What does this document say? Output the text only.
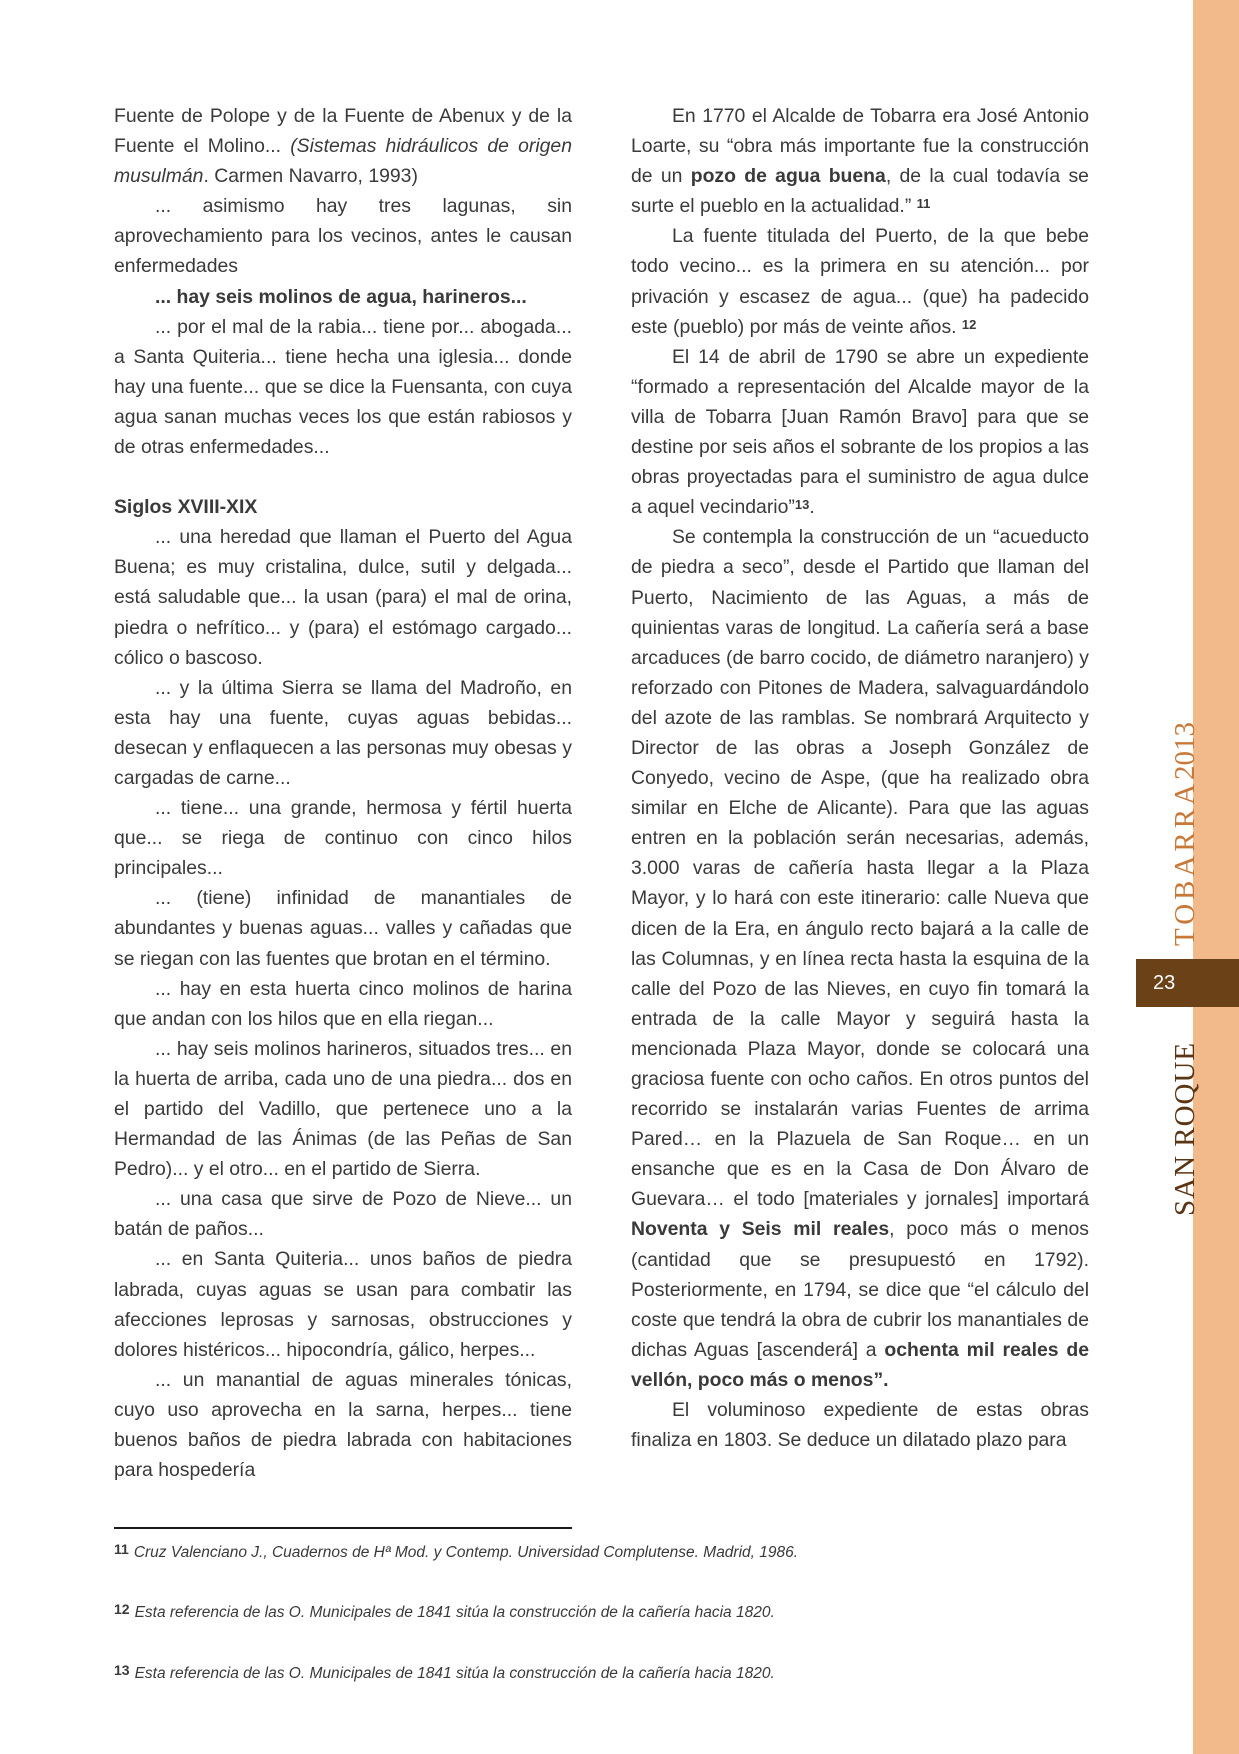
Fuente de Polope y de la Fuente de Abenux y de la Fuente el Molino... (Sistemas hidráulicos de origen musulmán. Carmen Navarro, 1993)

... asimismo hay tres lagunas, sin aprovechamiento para los vecinos, antes le causan enfermedades

... hay seis molinos de agua, harineros...

... por el mal de la rabia... tiene por... abogada... a Santa Quiteria... tiene hecha una iglesia... donde hay una fuente... que se dice la Fuensanta, con cuya agua sanan muchas veces los que están rabiosos y de otras enfermedades...

Siglos XVIII-XIX

... una heredad que llaman el Puerto del Agua Buena; es muy cristalina, dulce, sutil y delgada... está saludable que... la usan (para) el mal de orina, piedra o nefrítico... y (para) el estómago cargado... cólico o bascoso.

... y la última Sierra se llama del Madroño, en esta hay una fuente, cuyas aguas bebidas... desecan y enflaquecen a las personas muy obesas y cargadas de carne...

... tiene... una grande, hermosa y fértil huerta que... se riega de continuo con cinco hilos principales...

... (tiene) infinidad de manantiales de abundantes y buenas aguas... valles y cañadas que se riegan con las fuentes que brotan en el término.

... hay en esta huerta cinco molinos de harina que andan con los hilos que en ella riegan...

... hay seis molinos harineros, situados tres... en la huerta de arriba, cada uno de una piedra... dos en el partido del Vadillo, que pertenece uno a la Hermandad de las Ánimas (de las Peñas de San Pedro)... y el otro... en el partido de Sierra.

... una casa que sirve de Pozo de Nieve... un batán de paños...

... en Santa Quiteria... unos baños de piedra labrada, cuyas aguas se usan para combatir las afecciones leprosas y sarnosas, obstrucciones y dolores histéricos... hipocondría, gálico, herpes...

... un manantial de aguas minerales tónicas, cuyo uso aprovecha en la sarna, herpes... tiene buenos baños de piedra labrada con habitaciones para hospedería

En 1770 el Alcalde de Tobarra era José Antonio Loarte, su “obra más importante fue la construcción de un pozo de agua buena, de la cual todavía se surte el pueblo en la actualidad.” $^{11}$

La fuente titulada del Puerto, de la que bebe todo vecino... es la primera en su atención... por privación y escasez de agua... (que) ha padecido este (pueblo) por más de veinte años. $^{12}$

El 14 de abril de 1790 se abre un expediente “formado a representación del Alcalde mayor de la villa de Tobarra [Juan Ramón Bravo] para que se destine por seis años el sobrante de los propios a las obras proyectadas para el suministro de agua dulce a aquel vecindario”$^{13}$.

Se contempla la construcción de un “acueducto de piedra a seco”, desde el Partido que llaman del Puerto, Nacimiento de las Aguas, a más de quinientas varas de longitud. La cañería será a base arcaduces (de barro cocido, de diámetro naranjero) y reforzado con Pitones de Madera, salvaguardándolo del azote de las ramblas. Se nombrará Arquitecto y Director de las obras a Joseph González de Conyedo, vecino de Aspe, (que ha realizado obra similar en Elche de Alicante). Para que las aguas entren en la población serán necesarias, además, 3.000 varas de cañería hasta llegar a la Plaza Mayor, y lo hará con este itinerario: calle Nueva que dicen de la Era, en ángulo recto bajará a la calle de las Columnas, y en línea recta hasta la esquina de la calle del Pozo de las Nieves, en cuyo fin tomará la entrada de la calle Mayor y seguirá hasta la mencionada Plaza Mayor, donde se colocará una graciosa fuente con ocho caños. En otros puntos del recorrido se instalarán varias Fuentes de arrima Pared… en la Plazuela de San Roque… en un ensanche que es en la Casa de Don Álvaro de Guevara… el todo [materiales y jornales] importará Noventa y Seis mil reales, poco más o menos (cantidad que se presupuestó en 1792). Posteriormente, en 1794, se dice que “el cálculo del coste que tendrá la obra de cubrir los manantiales de dichas Aguas [ascenderá] a ochenta mil reales de vellón, poco más o menos”.

El voluminoso expediente de estas obras finaliza en 1803. Se deduce un dilatado plazo para

11 Cruz Valenciano J., Cuadernos de Hª Mod. y Contemp. Universidad Complutense. Madrid, 1986.
12 Esta referencia de las O. Municipales de 1841 sitúa la construcción de la cañería hacia 1820.
13 Esta referencia de las O. Municipales de 1841 sitúa la construcción de la cañería hacia 1820.
SAN ROQUE
TOBARRA2013
23
